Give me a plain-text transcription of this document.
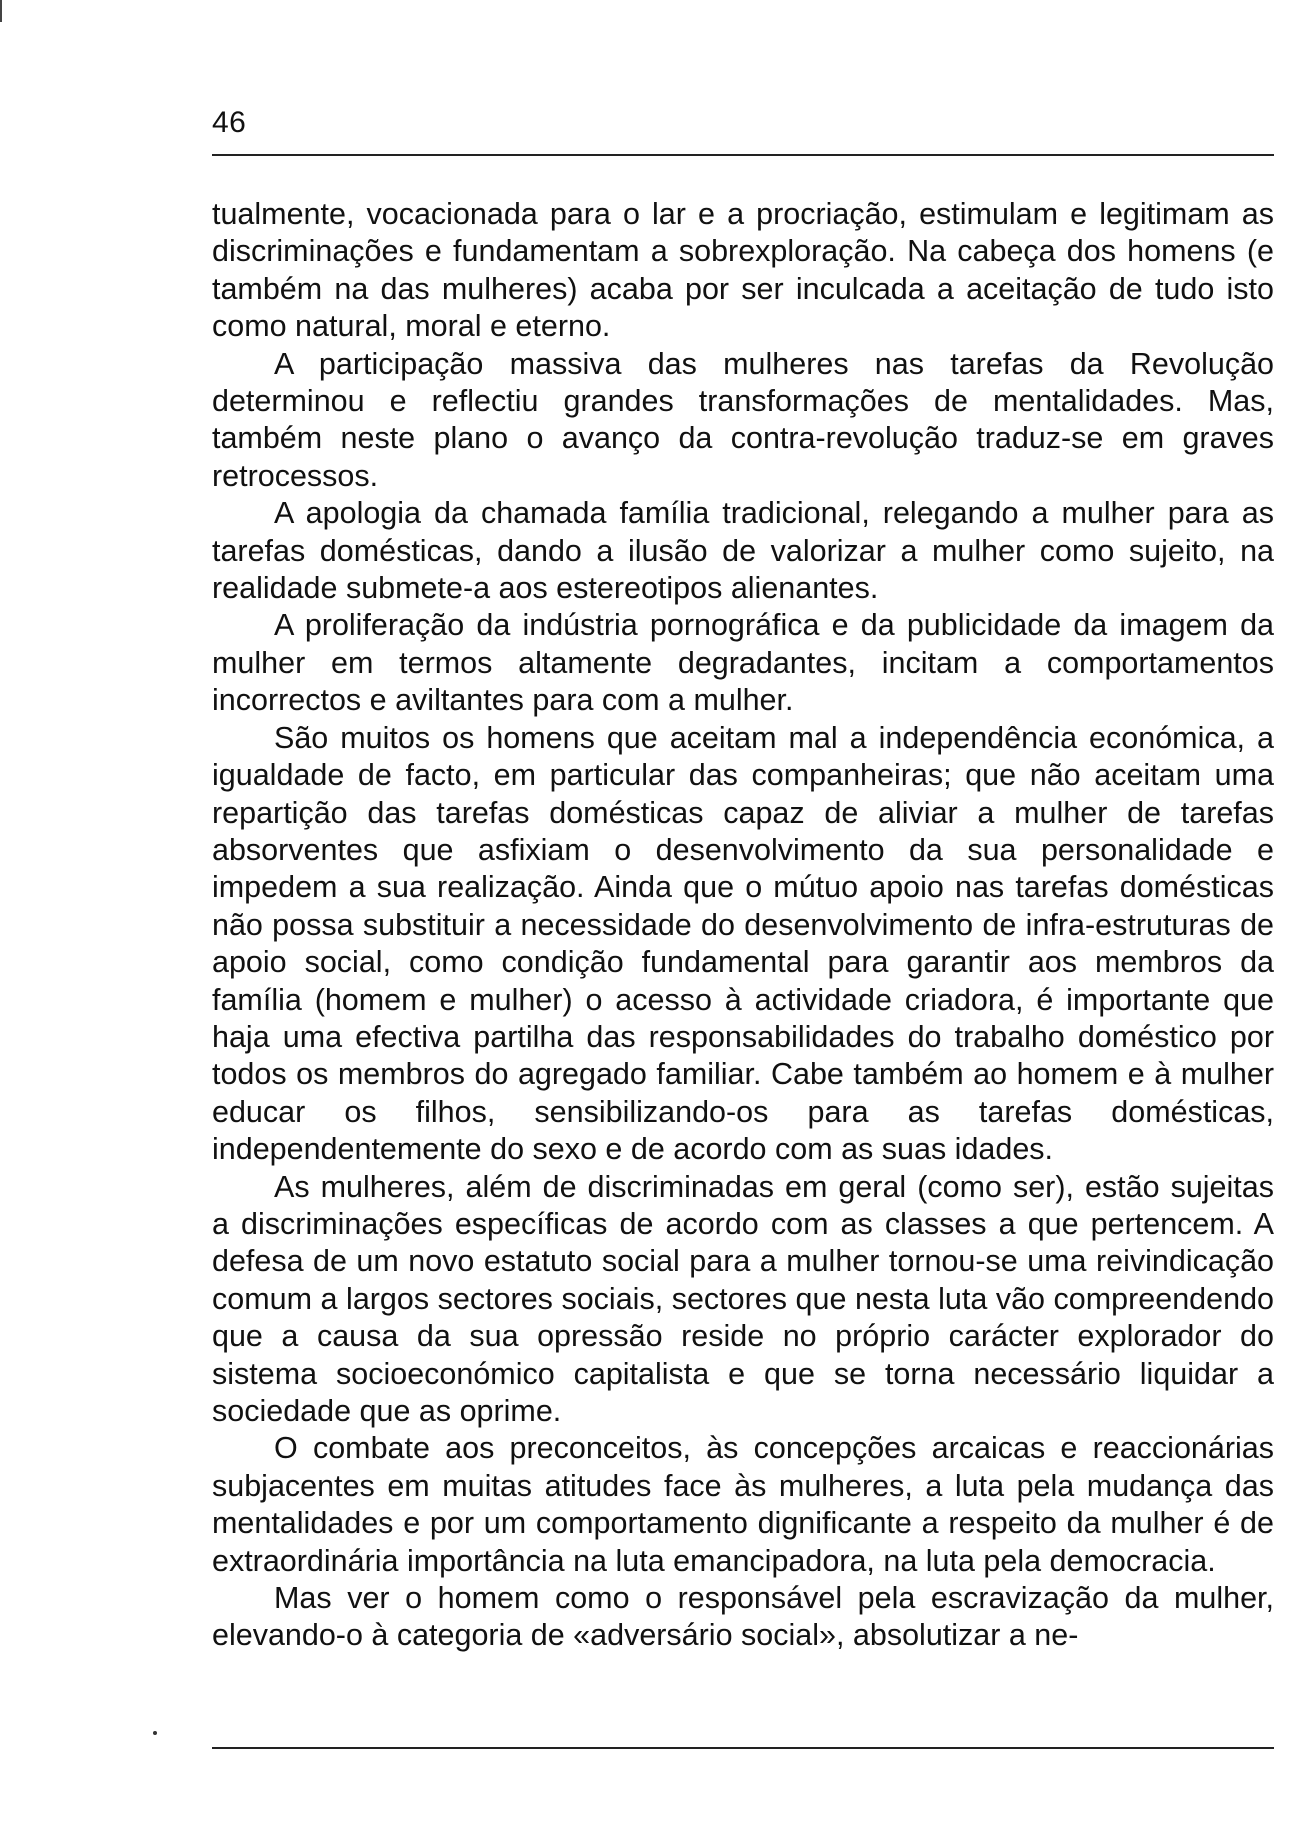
46

tualmente, vocacionada para o lar e a procriação, estimulam e legitimam as discriminações e fundamentam a sobrexploração. Na cabeça dos homens (e também na das mulheres) acaba por ser inculcada a aceitação de tudo isto como natural, moral e eterno.

A participação massiva das mulheres nas tarefas da Revolução determinou e reflectiu grandes transformações de mentalidades. Mas, também neste plano o avanço da contra-revolução traduz-se em graves retrocessos.

A apologia da chamada família tradicional, relegando a mulher para as tarefas domésticas, dando a ilusão de valorizar a mulher como sujeito, na realidade submete-a aos estereotipos alienantes.

A proliferação da indústria pornográfica e da publicidade da imagem da mulher em termos altamente degradantes, incitam a comportamentos incorrectos e aviltantes para com a mulher.

São muitos os homens que aceitam mal a independência económica, a igualdade de facto, em particular das companheiras; que não aceitam uma repartição das tarefas domésticas capaz de aliviar a mulher de tarefas absorventes que asfixiam o desenvolvimento da sua personalidade e impedem a sua realização. Ainda que o mútuo apoio nas tarefas domésticas não possa substituir a necessidade do desenvolvimento de infra-estruturas de apoio social, como condição fundamental para garantir aos membros da família (homem e mulher) o acesso à actividade criadora, é importante que haja uma efectiva partilha das responsabilidades do trabalho doméstico por todos os membros do agregado familiar. Cabe também ao homem e à mulher educar os filhos, sensibilizando-os para as tarefas domésticas, independentemente do sexo e de acordo com as suas idades.

As mulheres, além de discriminadas em geral (como ser), estão sujeitas a discriminações específicas de acordo com as classes a que pertencem. A defesa de um novo estatuto social para a mulher tornou-se uma reivindicação comum a largos sectores sociais, sectores que nesta luta vão compreendendo que a causa da sua opressão reside no próprio carácter explorador do sistema socioeconómico capitalista e que se torna necessário liquidar a sociedade que as oprime.

O combate aos preconceitos, às concepções arcaicas e reaccionárias subjacentes em muitas atitudes face às mulheres, a luta pela mudança das mentalidades e por um comportamento dignificante a respeito da mulher é de extraordinária importância na luta emancipadora, na luta pela democracia.

Mas ver o homem como o responsável pela escravização da mulher, elevando-o à categoria de «adversário social», absolutizar a ne-
